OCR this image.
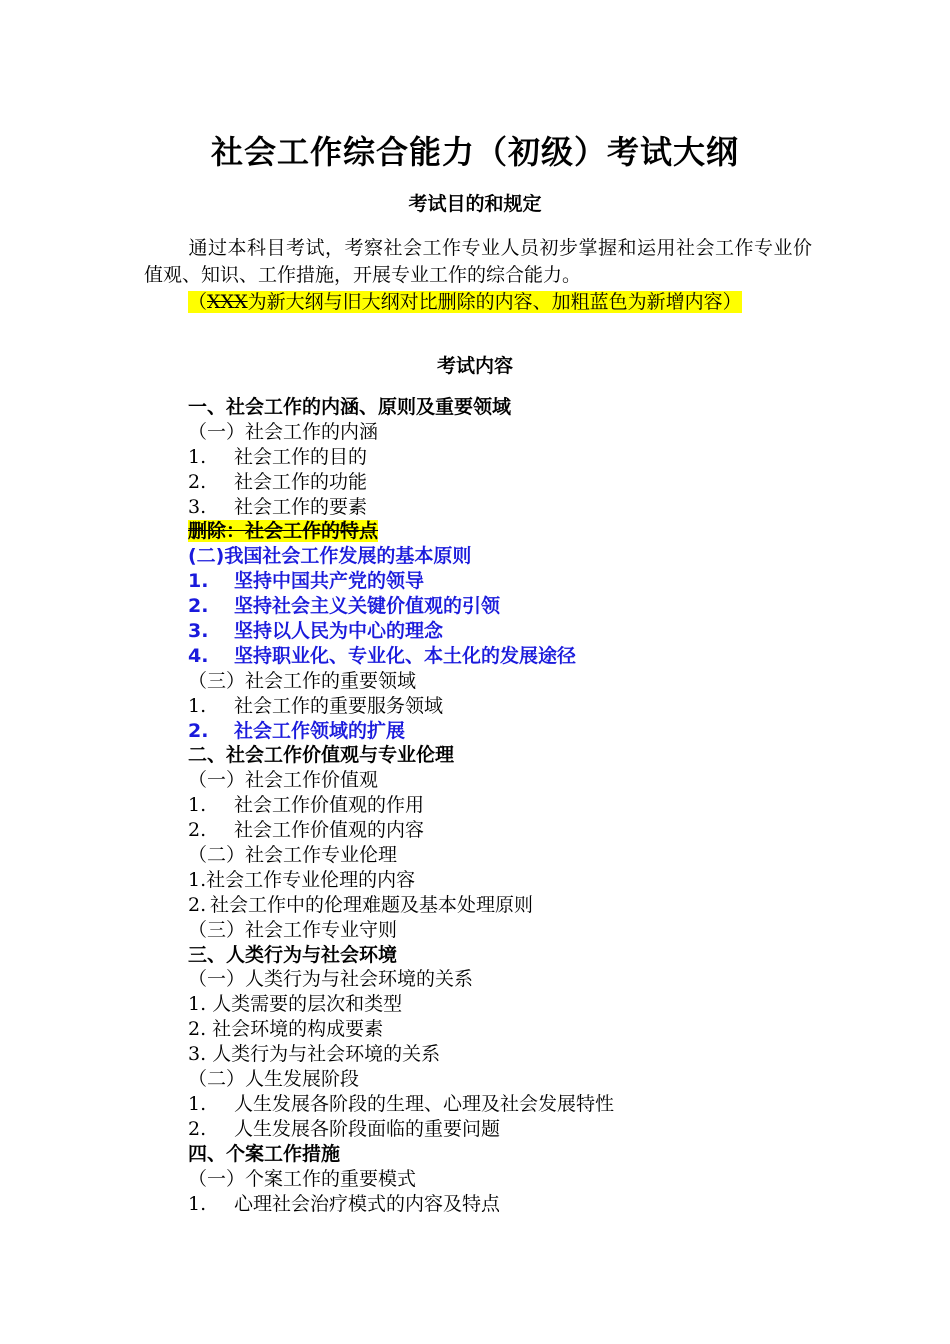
社会工作综合能力（初级）考试大纲
考试目的和规定
通过本科目考试，考察社会工作专业人员初步掌握和运用社会工作专业价值观、知识、工作措施，开展专业工作的综合能力。
（XXX为新大纲与旧大纲对比删除的内容、加粗蓝色为新增内容）
考试内容
一、社会工作的内涵、原则及重要领域
（一）社会工作的内涵
1. 社会工作的目的
2. 社会工作的功能
3. 社会工作的要素
删除：社会工作的特点
(二)我国社会工作发展的基本原则
1. 坚持中国共产党的领导
2. 坚持社会主义关键价值观的引领
3. 坚持以人民为中心的理念
4. 坚持职业化、专业化、本土化的发展途径
（三）社会工作的重要领域
1. 社会工作的重要服务领域
2. 社会工作领域的扩展
二、社会工作价值观与专业伦理
（一）社会工作价值观
1. 社会工作价值观的作用
2. 社会工作价值观的内容
（二）社会工作专业伦理
1.社会工作专业伦理的内容
2. 社会工作中的伦理难题及基本处理原则
（三）社会工作专业守则
三、人类行为与社会环境
（一）人类行为与社会环境的关系
1. 人类需要的层次和类型
2. 社会环境的构成要素
3. 人类行为与社会环境的关系
（二）人生发展阶段
1. 人生发展各阶段的生理、心理及社会发展特性
2. 人生发展各阶段面临的重要问题
四、个案工作措施
（一）个案工作的重要模式
1. 心理社会治疗模式的内容及特点
